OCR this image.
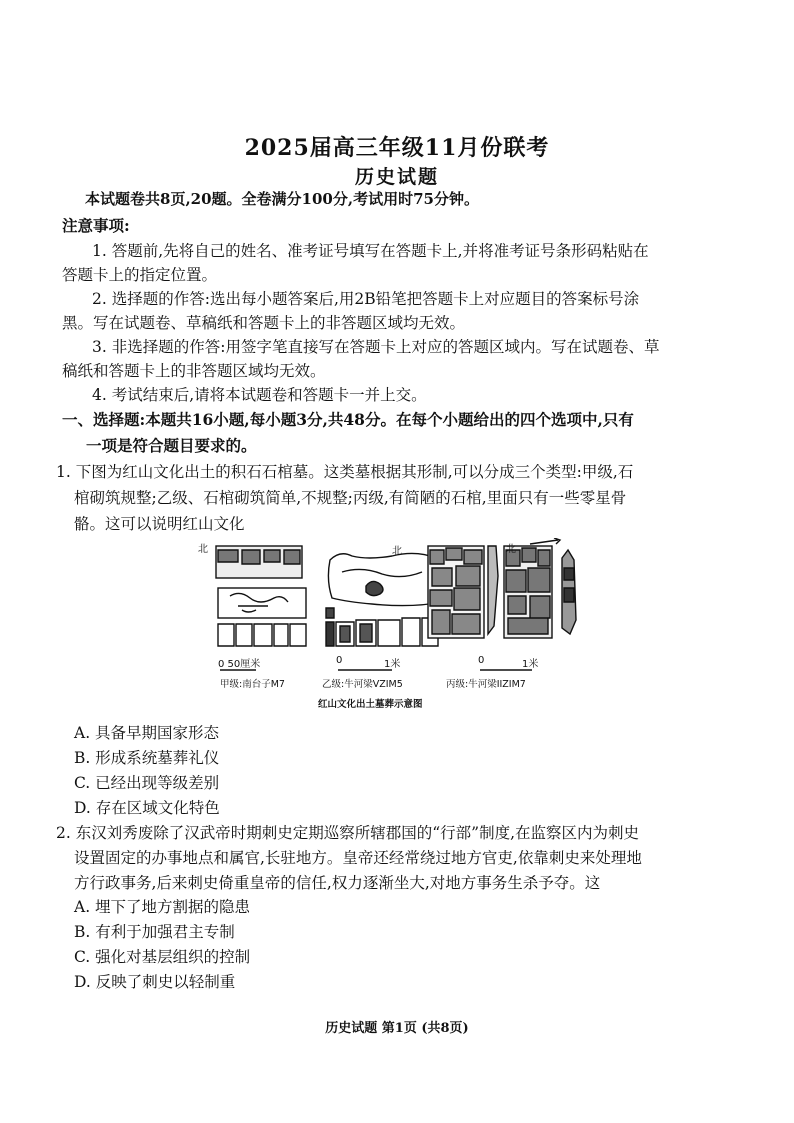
2025届高三年级11月份联考
历史试题
本试题卷共8页,20题。全卷满分100分,考试用时75分钟。
注意事项:
1. 答题前,先将自己的姓名、准考证号填写在答题卡上,并将准考证号条形码粘贴在
答题卡上的指定位置。
2. 选择题的作答:选出每小题答案后,用2B铅笔把答题卡上对应题目的答案标号涂
黑。写在试题卷、草稿纸和答题卡上的非答题区域均无效。
3. 非选择题的作答:用签字笔直接写在答题卡上对应的答题区域内。写在试题卷、草
稿纸和答题卡上的非答题区域均无效。
4. 考试结束后,请将本试题卷和答题卡一并上交。
一、选择题:本题共16小题,每小题3分,共48分。在每个小题给出的四个选项中,只有
一项是符合题目要求的。
1. 下图为红山文化出土的积石石棺墓。这类墓根据其形制,可以分成三个类型:甲级,石
棺砌筑规整;乙级、石棺砌筑简单,不规整;丙级,有简陋的石棺,里面只有一些零星骨
骼。这可以说明红山文化
北	北	北
0 50厘米	0	1米	0	1米
甲级:南台子M7	乙级:牛河梁VZIM5	丙级:牛河梁IIZIM7
红山文化出土墓葬示意图
A. 具备早期国家形态
B. 形成系统墓葬礼仪
C. 已经出现等级差别
D. 存在区域文化特色
2. 东汉刘秀废除了汉武帝时期刺史定期巡察所辖郡国的“行部”制度,在监察区内为刺史
设置固定的办事地点和属官,长驻地方。皇帝还经常绕过地方官吏,依靠刺史来处理地
方行政事务,后来刺史倚重皇帝的信任,权力逐渐坐大,对地方事务生杀予夺。这
A. 埋下了地方割据的隐患
B. 有利于加强君主专制
C. 强化对基层组织的控制
D. 反映了刺史以轻制重
历史试题 第1页 (共8页)
